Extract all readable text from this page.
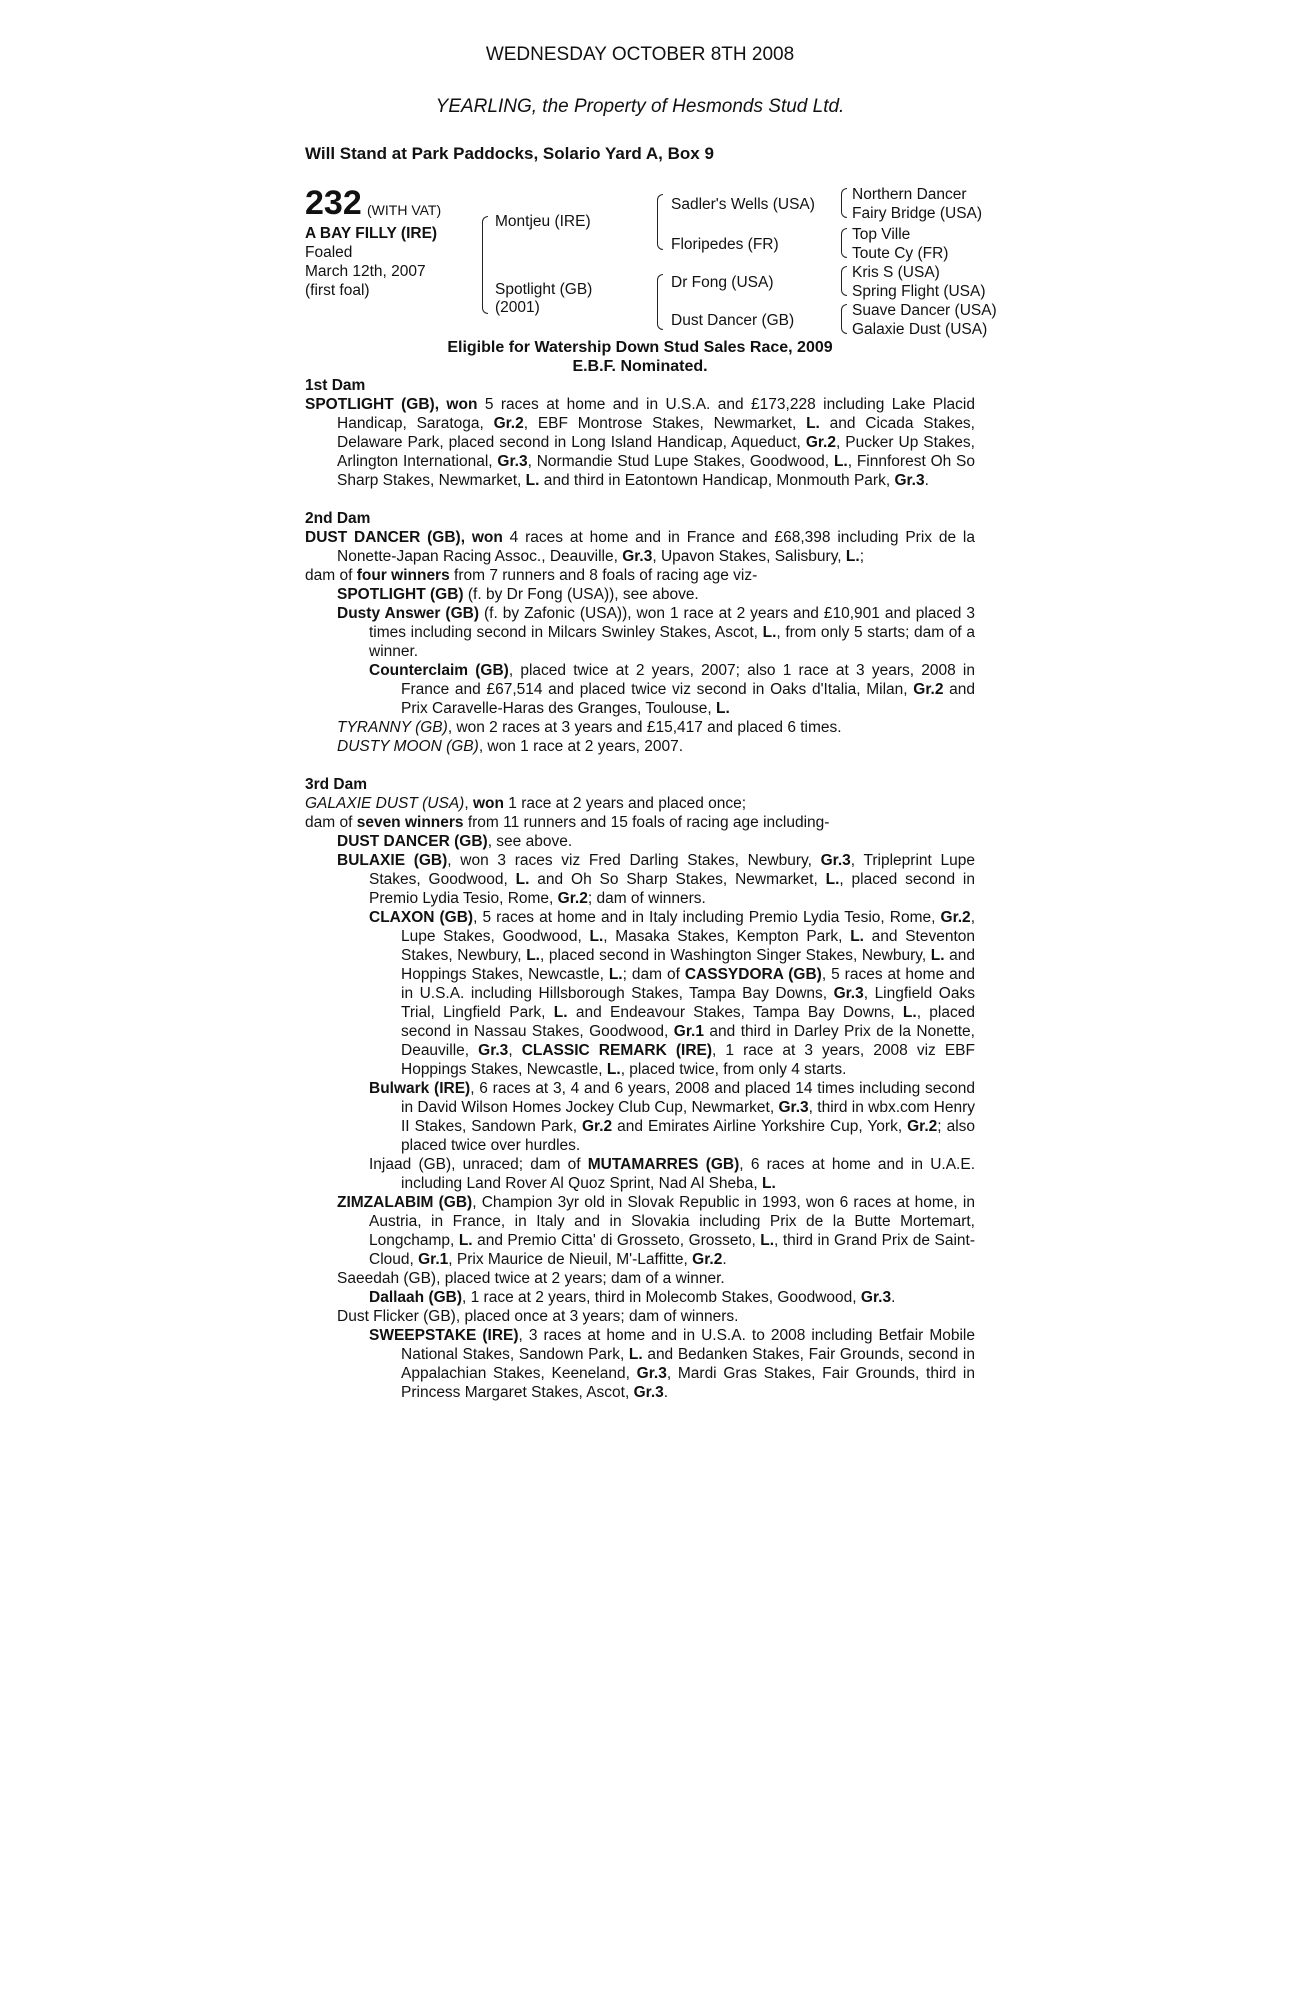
WEDNESDAY OCTOBER 8TH 2008
YEARLING, the Property of Hesmonds Stud Ltd.
Will Stand at Park Paddocks, Solario Yard A, Box 9
232 (WITH VAT)
A BAY FILLY (IRE)
Foaled
March 12th, 2007
(first foal)
Montjeu (IRE)
Spotlight (GB)
(2001)
Sadler's Wells (USA)
Floripedes (FR)
Dr Fong (USA)
Dust Dancer (GB)
Northern Dancer
Fairy Bridge (USA)
Top Ville
Toute Cy (FR)
Kris S (USA)
Spring Flight (USA)
Suave Dancer (USA)
Galaxie Dust (USA)
Eligible for Watership Down Stud Sales Race, 2009
E.B.F. Nominated.
1st Dam

SPOTLIGHT (GB), won 5 races at home and in U.S.A. and £173,228 including Lake Placid Handicap, Saratoga, Gr.2, EBF Montrose Stakes, Newmarket, L. and Cicada Stakes, Delaware Park, placed second in Long Island Handicap, Aqueduct, Gr.2, Pucker Up Stakes, Arlington International, Gr.3, Normandie Stud Lupe Stakes, Goodwood, L., Finnforest Oh So Sharp Stakes, Newmarket, L. and third in Eatontown Handicap, Monmouth Park, Gr.3.

2nd Dam

DUST DANCER (GB), won 4 races at home and in France and £68,398 including Prix de la Nonette-Japan Racing Assoc., Deauville, Gr.3, Upavon Stakes, Salisbury, L.;

dam of four winners from 7 runners and 8 foals of racing age viz-

SPOTLIGHT (GB) (f. by Dr Fong (USA)), see above.

Dusty Answer (GB) (f. by Zafonic (USA)), won 1 race at 2 years and £10,901 and placed 3 times including second in Milcars Swinley Stakes, Ascot, L., from only 5 starts; dam of a winner.

Counterclaim (GB), placed twice at 2 years, 2007; also 1 race at 3 years, 2008 in France and £67,514 and placed twice viz second in Oaks d'Italia, Milan, Gr.2 and Prix Caravelle-Haras des Granges, Toulouse, L.

TYRANNY (GB), won 2 races at 3 years and £15,417 and placed 6 times.

DUSTY MOON (GB), won 1 race at 2 years, 2007.

3rd Dam

GALAXIE DUST (USA), won 1 race at 2 years and placed once;

dam of seven winners from 11 runners and 15 foals of racing age including-

DUST DANCER (GB), see above.

BULAXIE (GB), won 3 races viz Fred Darling Stakes, Newbury, Gr.3, Tripleprint Lupe Stakes, Goodwood, L. and Oh So Sharp Stakes, Newmarket, L., placed second in Premio Lydia Tesio, Rome, Gr.2; dam of winners.

CLAXON (GB), 5 races at home and in Italy including Premio Lydia Tesio, Rome, Gr.2, Lupe Stakes, Goodwood, L., Masaka Stakes, Kempton Park, L. and Steventon Stakes, Newbury, L., placed second in Washington Singer Stakes, Newbury, L. and Hoppings Stakes, Newcastle, L.; dam of CASSYDORA (GB), 5 races at home and in U.S.A. including Hillsborough Stakes, Tampa Bay Downs, Gr.3, Lingfield Oaks Trial, Lingfield Park, L. and Endeavour Stakes, Tampa Bay Downs, L., placed second in Nassau Stakes, Goodwood, Gr.1 and third in Darley Prix de la Nonette, Deauville, Gr.3, CLASSIC REMARK (IRE), 1 race at 3 years, 2008 viz EBF Hoppings Stakes, Newcastle, L., placed twice, from only 4 starts.

Bulwark (IRE), 6 races at 3, 4 and 6 years, 2008 and placed 14 times including second in David Wilson Homes Jockey Club Cup, Newmarket, Gr.3, third in wbx.com Henry II Stakes, Sandown Park, Gr.2 and Emirates Airline Yorkshire Cup, York, Gr.2; also placed twice over hurdles.

Injaad (GB), unraced; dam of MUTAMARRES (GB), 6 races at home and in U.A.E. including Land Rover Al Quoz Sprint, Nad Al Sheba, L.

ZIMZALABIM (GB), Champion 3yr old in Slovak Republic in 1993, won 6 races at home, in Austria, in France, in Italy and in Slovakia including Prix de la Butte Mortemart, Longchamp, L. and Premio Citta' di Grosseto, Grosseto, L., third in Grand Prix de Saint-Cloud, Gr.1, Prix Maurice de Nieuil, M'-Laffitte, Gr.2.

Saeedah (GB), placed twice at 2 years; dam of a winner.

Dallaah (GB), 1 race at 2 years, third in Molecomb Stakes, Goodwood, Gr.3.

Dust Flicker (GB), placed once at 3 years; dam of winners.

SWEEPSTAKE (IRE), 3 races at home and in U.S.A. to 2008 including Betfair Mobile National Stakes, Sandown Park, L. and Bedanken Stakes, Fair Grounds, second in Appalachian Stakes, Keeneland, Gr.3, Mardi Gras Stakes, Fair Grounds, third in Princess Margaret Stakes, Ascot, Gr.3.
